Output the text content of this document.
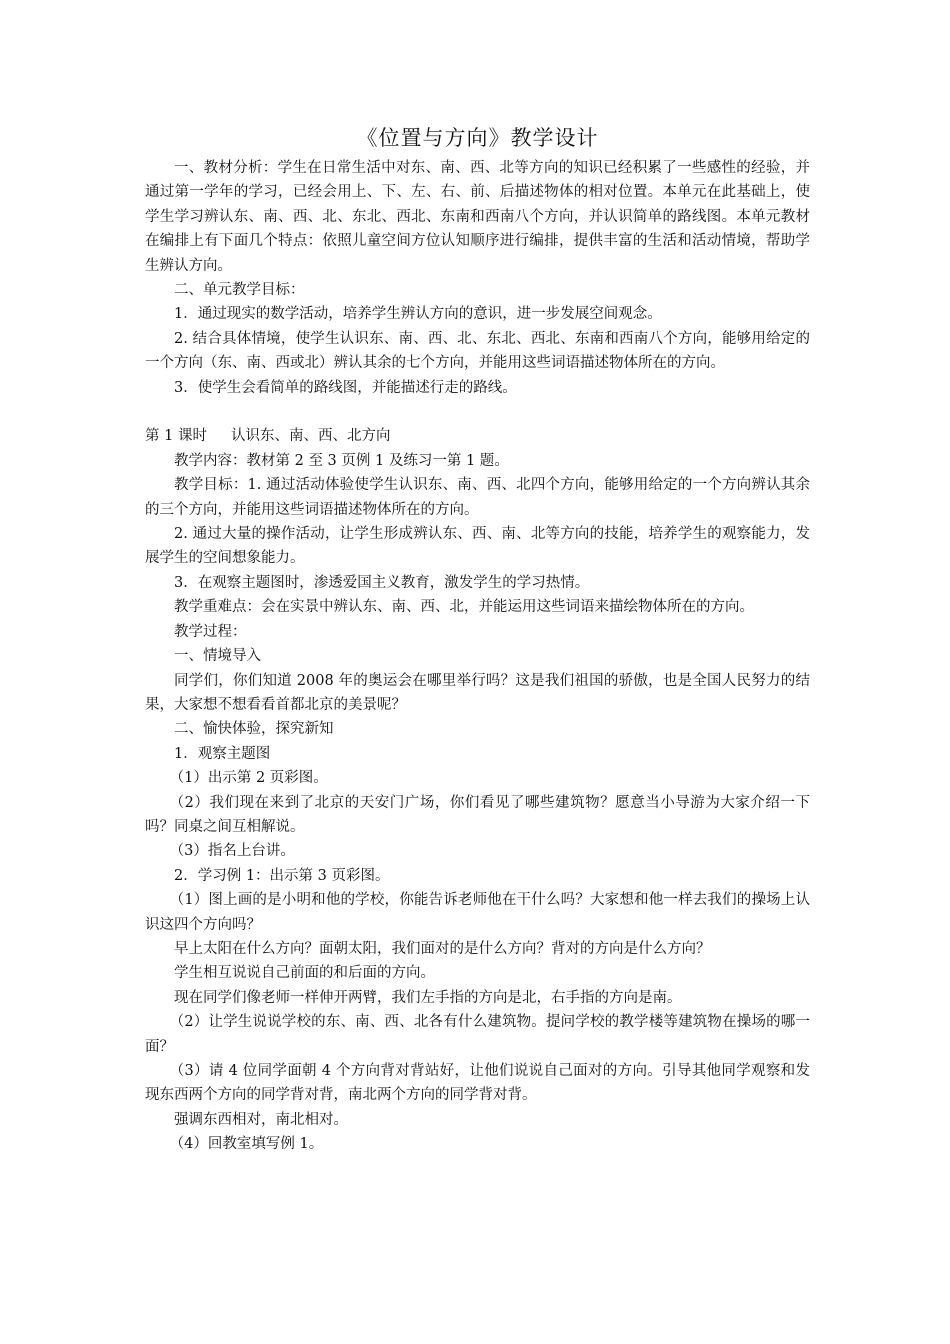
《位置与方向》教学设计

一、教材分析：学生在日常生活中对东、南、西、北等方向的知识已经积累了一些感性的经验，并通过第一学年的学习，已经会用上、下、左、右、前、后描述物体的相对位置。本单元在此基础上，使学生学习辨认东、南、西、北、东北、西北、东南和西南八个方向，并认识简单的路线图。本单元教材在编排上有下面几个特点：依照儿童空间方位认知顺序进行编排，提供丰富的生活和活动情境，帮助学生辨认方向。

二、单元教学目标：

1．通过现实的数学活动，培养学生辨认方向的意识，进一步发展空间观念。

2. 结合具体情境，使学生认识东、南、西、北、东北、西北、东南和西南八个方向，能够用给定的一个方向（东、南、西或北）辨认其余的七个方向，并能用这些词语描述物体所在的方向。

3．使学生会看简单的路线图，并能描述行走的路线。

第 1 课时 认识东、南、西、北方向

教学内容：教材第 2 至 3 页例 1 及练习一第 1 题。

教学目标：1. 通过活动体验使学生认识东、南、西、北四个方向，能够用给定的一个方向辨认其余的三个方向，并能用这些词语描述物体所在的方向。

2. 通过大量的操作活动，让学生形成辨认东、西、南、北等方向的技能，培养学生的观察能力，发展学生的空间想象能力。

3．在观察主题图时，渗透爱国主义教育，激发学生的学习热情。

教学重难点：会在实景中辨认东、南、西、北，并能运用这些词语来描绘物体所在的方向。

教学过程：

一、情境导入

同学们，你们知道 2008 年的奥运会在哪里举行吗？这是我们祖国的骄傲，也是全国人民努力的结果，大家想不想看看首都北京的美景呢？

二、愉快体验，探究新知

1．观察主题图

（1）出示第 2 页彩图。

（2）我们现在来到了北京的天安门广场，你们看见了哪些建筑物？愿意当小导游为大家介绍一下吗？同桌之间互相解说。

（3）指名上台讲。

2．学习例 1：出示第 3 页彩图。

（1）图上画的是小明和他的学校，你能告诉老师他在干什么吗？大家想和他一样去我们的操场上认识这四个方向吗？

早上太阳在什么方向？面朝太阳，我们面对的是什么方向？背对的方向是什么方向？

学生相互说说自己前面的和后面的方向。

现在同学们像老师一样伸开两臂，我们左手指的方向是北，右手指的方向是南。

（2）让学生说说学校的东、南、西、北各有什么建筑物。提问学校的教学楼等建筑物在操场的哪一面？

（3）请 4 位同学面朝 4 个方向背对背站好，让他们说说自己面对的方向。引导其他同学观察和发现东西两个方向的同学背对背，南北两个方向的同学背对背。

强调东西相对，南北相对。

（4）回教室填写例 1。
